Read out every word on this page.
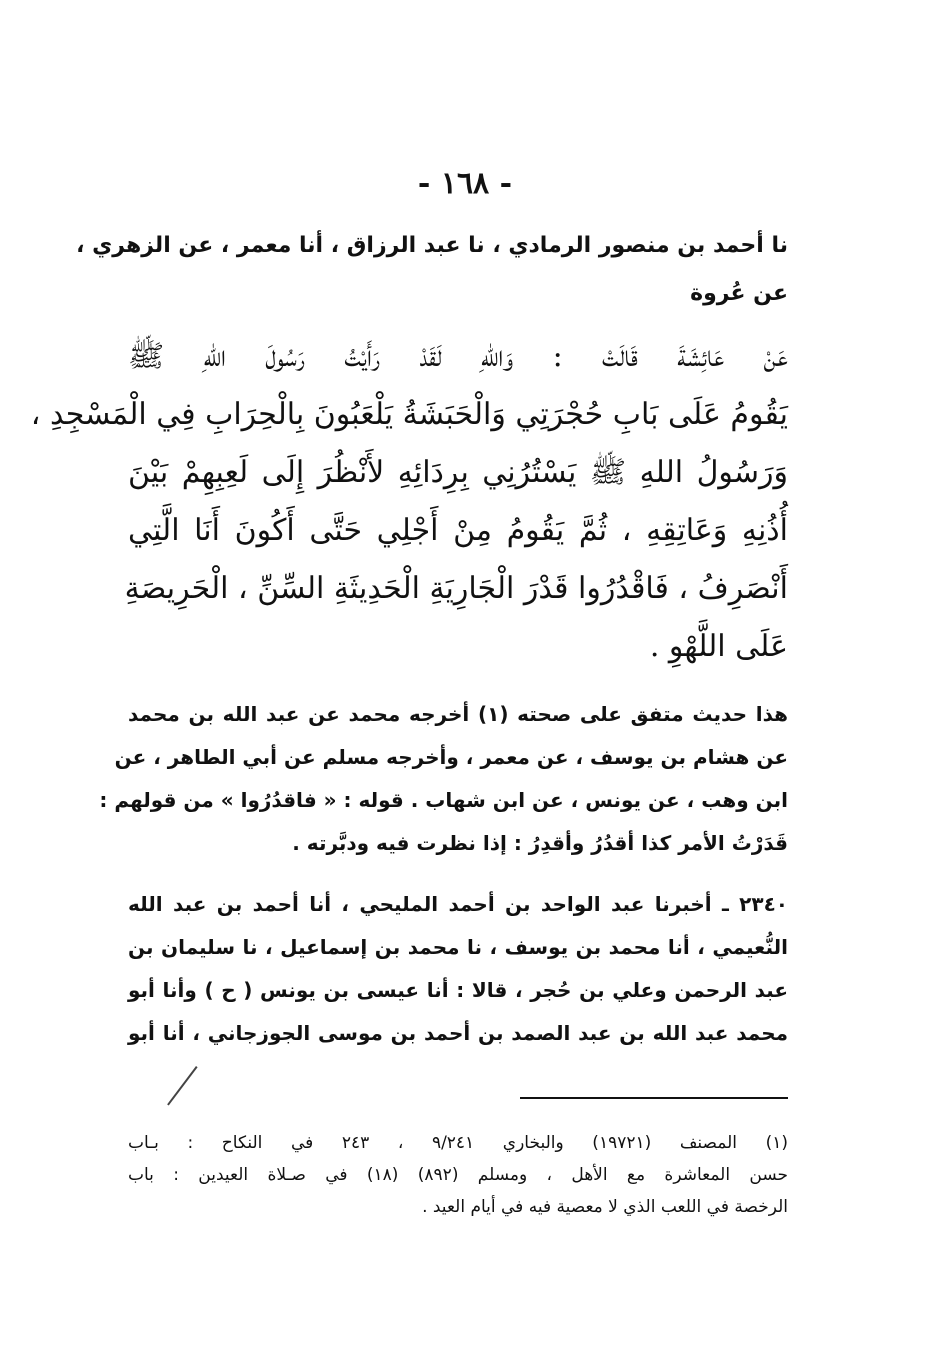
- ١٦٨ -
نا أحمد بن منصور الرمادي ، نا عبد الرزاق ، أنا معمر ، عن الزهري ،
عن عُروة
عَنْ عَائِشَةَ قَالَتْ : وَاللهِ لَقَدْ رَأَيْتُ رَسُولَ اللهِ ﷺ
يَقُومُ عَلَى بَابِ حُجْرَتِي وَالْحَبَشَةُ يَلْعَبُونَ بِالْحِرَابِ فِي الْمَسْجِدِ ،
وَرَسُولُ اللهِ ﷺ يَسْتُرُنِي بِرِدَائِهِ لأَنْظُرَ إِلَى لَعِبِهِمْ بَيْنَ
أُذُنِهِ وَعَاتِقِهِ ، ثُمَّ يَقُومُ مِنْ أَجْلِي حَتَّى أَكُونَ أَنَا الَّتِي
أَنْصَرِفُ ، فَاقْدُرُوا قَدْرَ الْجَارِيَةِ الْحَدِيثَةِ السِّنِّ ، الْحَرِيصَةِ
عَلَى اللَّهْوِ .
هذا حديث متفق على صحته (١) أخرجه محمد عن عبد الله بن محمد
عن هشام بن يوسف ، عن معمر ، وأخرجه مسلم عن أبي الطاهر ، عن
ابن وهب ، عن يونس ، عن ابن شهاب . قوله : « فاقدُرُوا » من قولهم :
قَدَرْتُ الأمر كذا أقدُرُ وأقدِرُ : إذا نظرت فيه ودبَّرته .
٢٣٤٠ ـ أخبرنا عبد الواحد بن أحمد المليحي ، أنا أحمد بن عبد الله
النُّعيمي ، أنا محمد بن يوسف ، نا محمد بن إسماعيل ، نا سليمان بن
عبد الرحمن وعلي بن حُجر ، قالا : أنا عيسى بن يونس ( ح ) وأنا أبو
محمد عبد الله بن عبد الصمد بن أحمد بن موسى الجوزجاني ، أنا أبو
(١) المصنف (١٩٧٢١) والبخاري ٩/٢٤١ ، ٢٤٣ في النكاح : بـاب
حسن المعاشرة مع الأهل ، ومسلم (٨٩٢) (١٨) في صـلاة العيدين : باب
الرخصة في اللعب الذي لا معصية فيه في أيام العيد .
